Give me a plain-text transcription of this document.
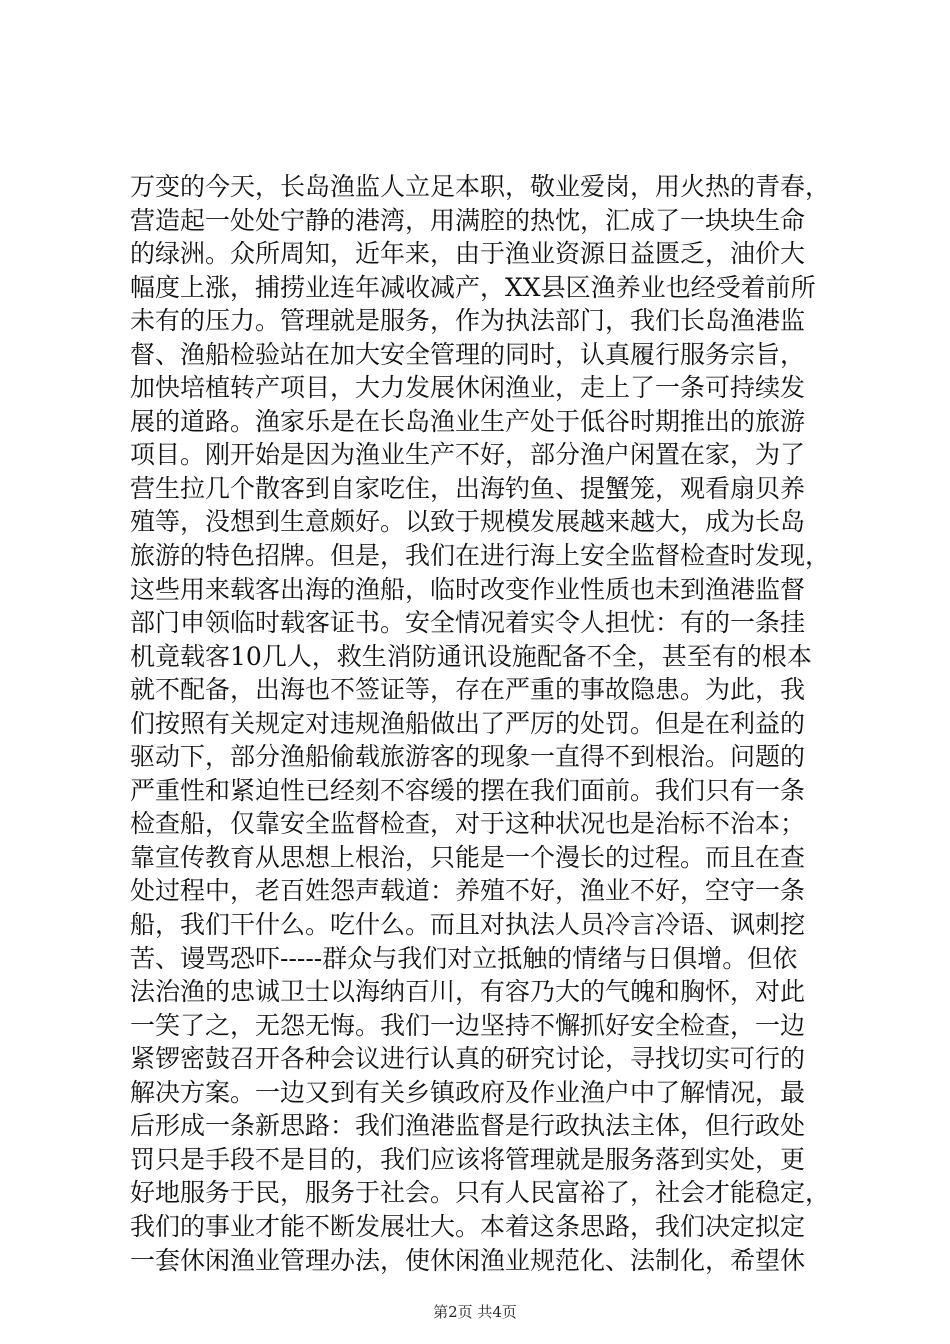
万变的今天，长岛渔监人立足本职，敬业爱岗，用火热的青春，
营造起一处处宁静的港湾，用满腔的热忱，汇成了一块块生命
的绿洲。众所周知，近年来，由于渔业资源日益匮乏，油价大
幅度上涨，捕捞业连年减收减产，XX县区渔养业也经受着前所
未有的压力。管理就是服务，作为执法部门，我们长岛渔港监
督、渔船检验站在加大安全管理的同时，认真履行服务宗旨，
加快培植转产项目，大力发展休闲渔业，走上了一条可持续发
展的道路。渔家乐是在长岛渔业生产处于低谷时期推出的旅游
项目。刚开始是因为渔业生产不好，部分渔户闲置在家，为了
营生拉几个散客到自家吃住，出海钓鱼、提蟹笼，观看扇贝养
殖等，没想到生意颇好。以致于规模发展越来越大，成为长岛
旅游的特色招牌。但是，我们在进行海上安全监督检查时发现，
这些用来载客出海的渔船，临时改变作业性质也未到渔港监督
部门申领临时载客证书。安全情况着实令人担忧：有的一条挂
机竟载客10几人，救生消防通讯设施配备不全，甚至有的根本
就不配备，出海也不签证等，存在严重的事故隐患。为此，我
们按照有关规定对违规渔船做出了严厉的处罚。但是在利益的
驱动下，部分渔船偷载旅游客的现象一直得不到根治。问题的
严重性和紧迫性已经刻不容缓的摆在我们面前。我们只有一条
检查船，仅靠安全监督检查，对于这种状况也是治标不治本；
靠宣传教育从思想上根治，只能是一个漫长的过程。而且在查
处过程中，老百姓怨声载道：养殖不好，渔业不好，空守一条
船，我们干什么。吃什么。而且对执法人员冷言冷语、讽刺挖
苦、谩骂恐吓-----群众与我们对立抵触的情绪与日俱增。但依
法治渔的忠诚卫士以海纳百川，有容乃大的气魄和胸怀，对此
一笑了之，无怨无悔。我们一边坚持不懈抓好安全检查，一边
紧锣密鼓召开各种会议进行认真的研究讨论，寻找切实可行的
解决方案。一边又到有关乡镇政府及作业渔户中了解情况，最
后形成一条新思路：我们渔港监督是行政执法主体，但行政处
罚只是手段不是目的，我们应该将管理就是服务落到实处，更
好地服务于民，服务于社会。只有人民富裕了，社会才能稳定，
我们的事业才能不断发展壮大。本着这条思路，我们决定拟定
一套休闲渔业管理办法，使休闲渔业规范化、法制化，希望休
第2页 共4页
